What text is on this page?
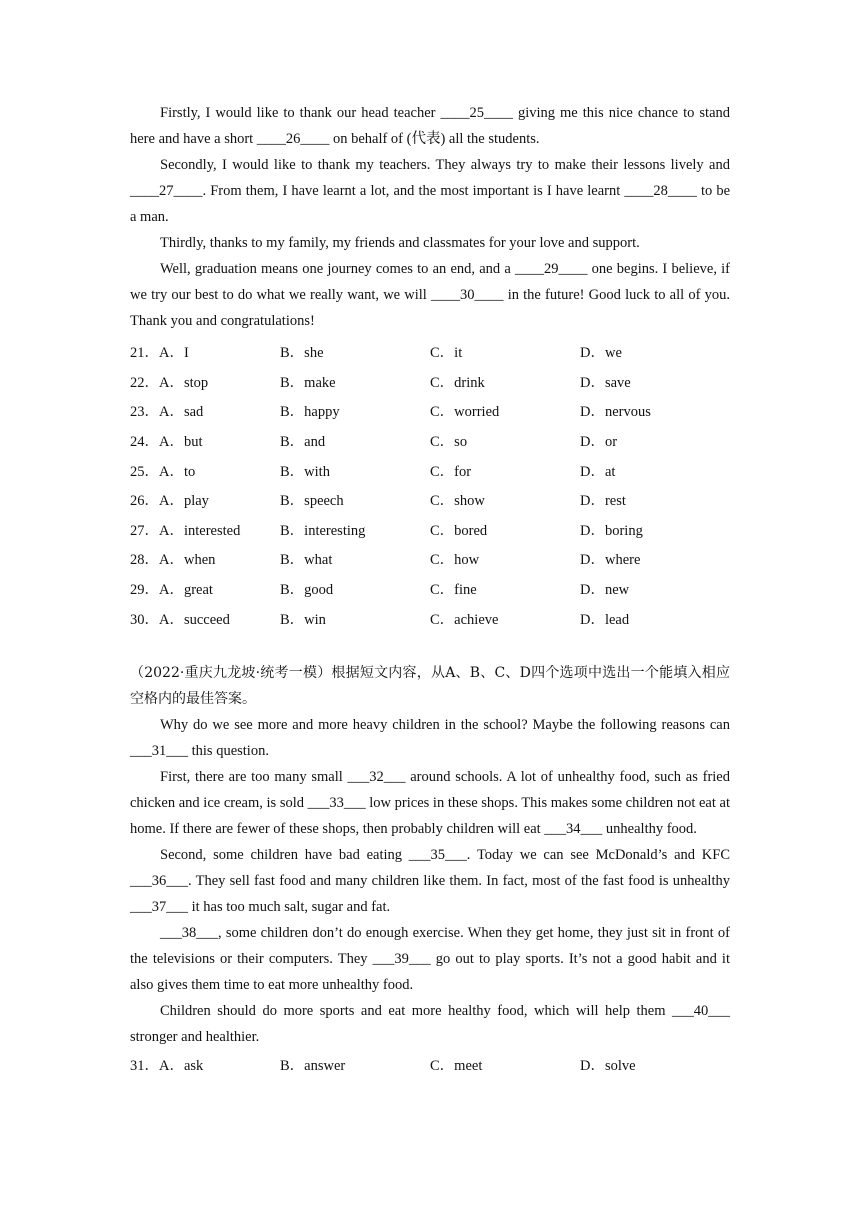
Firstly, I would like to thank our head teacher ____25____ giving me this nice chance to stand here and have a short ____26____ on behalf of (代表) all the students.

Secondly, I would like to thank my teachers. They always try to make their lessons lively and ____27____. From them, I have learnt a lot, and the most important is I have learnt ____28____ to be a man.

Thirdly, thanks to my family, my friends and classmates for your love and support.

Well, graduation means one journey comes to an end, and a ____29____ one begins. I believe, if we try our best to do what we really want, we will ____30____ in the future! Good luck to all of you. Thank you and congratulations!

21．A．I	B．she	C．it	D．we
22．A．stop	B．make	C．drink	D．save
23．A．sad	B．happy	C．worried	D．nervous
24．A．but	B．and	C．so	D．or
25．A．to	B．with	C．for	D．at
26．A．play	B．speech	C．show	D．rest
27．A．interested	B．interesting	C．bored	D．boring
28．A．when	B．what	C．how	D．where
29．A．great	B．good	C．fine	D．new
30．A．succeed	B．win	C．achieve	D．lead

（2022·重庆九龙坡·统考一模）根据短文内容，从A、B、C、D四个选项中选出一个能填入相应空格内的最佳答案。

Why do we see more and more heavy children in the school? Maybe the following reasons can ___31___ this question.

First, there are too many small ___32___ around schools. A lot of unhealthy food, such as fried chicken and ice cream, is sold ___33___ low prices in these shops. This makes some children not eat at home. If there are fewer of these shops, then probably children will eat ___34___ unhealthy food.

Second, some children have bad eating ___35___. Today we can see McDonald’s and KFC ___36___. They sell fast food and many children like them. In fact, most of the fast food is unhealthy ___37___ it has too much salt, sugar and fat.

___38___, some children don’t do enough exercise. When they get home, they just sit in front of the televisions or their computers. They ___39___ go out to play sports. It’s not a good habit and it also gives them time to eat more unhealthy food.

Children should do more sports and eat more healthy food, which will help them ___40___ stronger and healthier.

31．A．ask	B．answer	C．meet	D．solve
